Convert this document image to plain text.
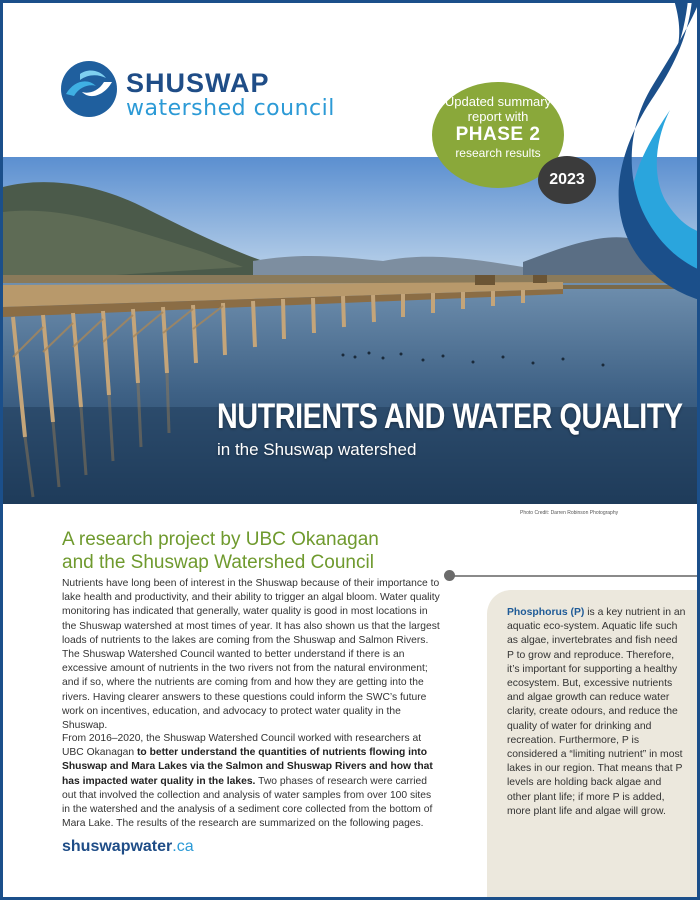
SHUSWAP
watershed council	Updated summary
report with
PHASE 2
research results
2023
NUTRIENTS AND WATER QUALITY
in the Shuswap watershed
Photo Credit: Darren Robinson Photography
A research project by UBC Okanagan
and the Shuswap Watershed Council

Nutrients have long been of interest in the Shuswap because of their importance to lake health and productivity, and their ability to trigger an algal bloom. Water quality monitoring has indicated that generally, water quality is good in most locations in the Shuswap watershed at most times of year. It has also shown us that the largest loads of nutrients to the lakes are coming from the Shuswap and Salmon Rivers. The Shuswap Watershed Council wanted to better understand if there is an excessive amount of nutrients in the two rivers not from the natural environment; and if so, where the nutrients are coming from and how they are getting into the rivers. Having clearer answers to these questions could inform the SWC’s future work on incentives, education, and advocacy to protect water quality in the Shuswap.

From 2016–2020, the Shuswap Watershed Council worked with researchers at UBC Okanagan to better understand the quantities of nutrients flowing into Shuswap and Mara Lakes via the Salmon and Shuswap Rivers and how that has impacted water quality in the lakes. Two phases of research were carried out that involved the collection and analysis of water samples from over 100 sites in the watershed and the analysis of a sediment core collected from the bottom of Mara Lake. The results of the research are summarized on the following pages.

shuswapwater.ca
Phosphorus (P) is a key nutrient in an aquatic eco-system. Aquatic life such as algae, invertebrates and fish need P to grow and reproduce. Therefore, it’s important for supporting a healthy ecosystem. But, excessive nutrients and algae growth can reduce water clarity, create odours, and reduce the quality of water for drinking and recreation. Furthermore, P is considered a “limiting nutrient” in most lakes in our region. That means that P levels are holding back algae and other plant life; if more P is added, more plant life and algae will grow.
